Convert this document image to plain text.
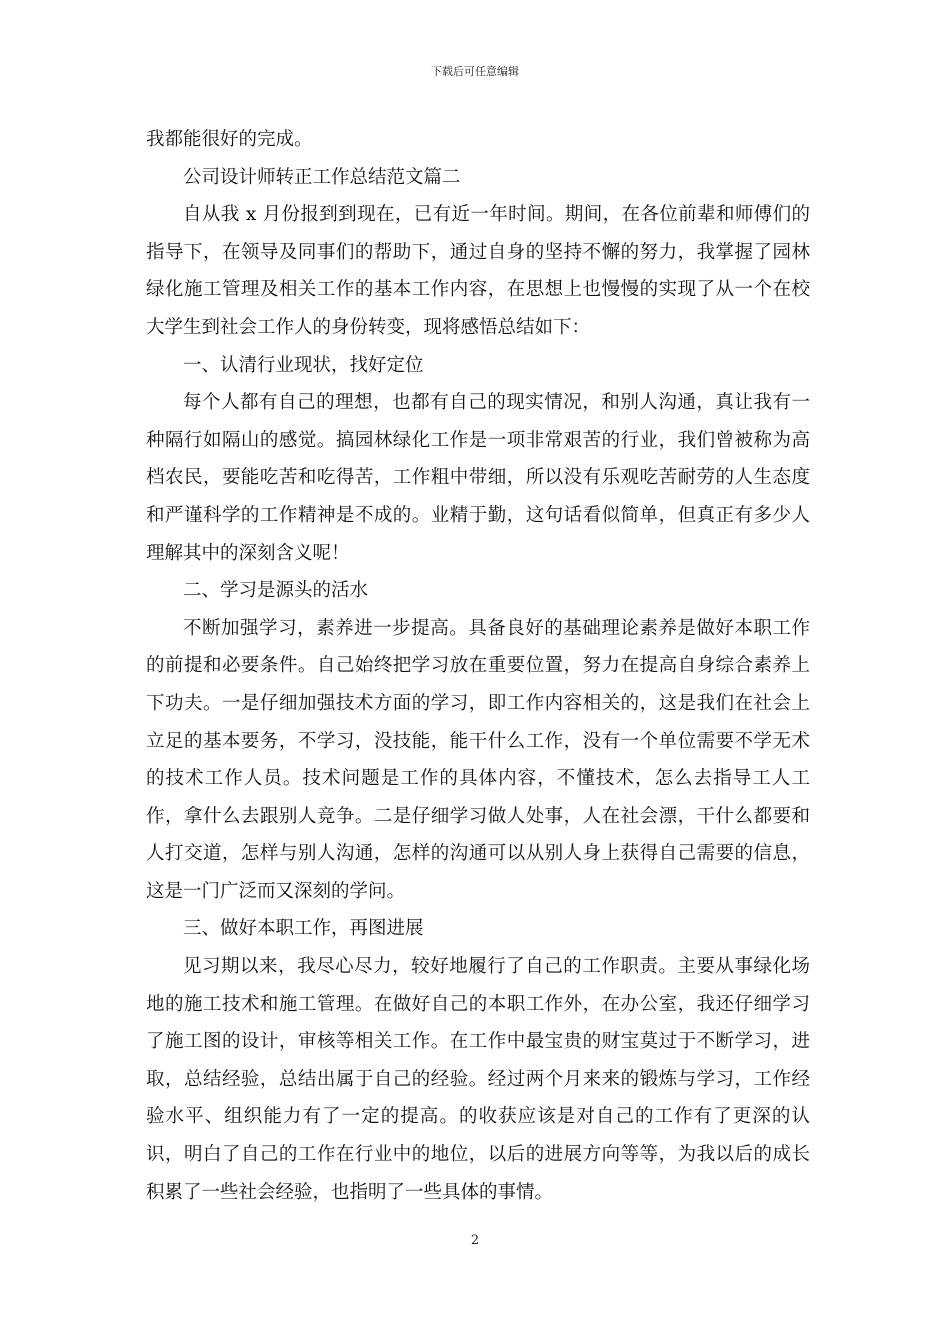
下载后可任意编辑

我都能很好的完成。

公司设计师转正工作总结范文篇二

自从我 x 月份报到到现在，已有近一年时间。期间，在各位前辈和师傅们的指导下，在领导及同事们的帮助下，通过自身的坚持不懈的努力，我掌握了园林绿化施工管理及相关工作的基本工作内容，在思想上也慢慢的实现了从一个在校大学生到社会工作人的身份转变，现将感悟总结如下：

一、认清行业现状，找好定位

每个人都有自己的理想，也都有自己的现实情况，和别人沟通，真让我有一种隔行如隔山的感觉。搞园林绿化工作是一项非常艰苦的行业，我们曾被称为高档农民，要能吃苦和吃得苦，工作粗中带细，所以没有乐观吃苦耐劳的人生态度和严谨科学的工作精神是不成的。业精于勤，这句话看似简单，但真正有多少人理解其中的深刻含义呢！

二、学习是源头的活水

不断加强学习，素养进一步提高。具备良好的基础理论素养是做好本职工作的前提和必要条件。自己始终把学习放在重要位置，努力在提高自身综合素养上下功夫。一是仔细加强技术方面的学习，即工作内容相关的，这是我们在社会上立足的基本要务，不学习，没技能，能干什么工作，没有一个单位需要不学无术的技术工作人员。技术问题是工作的具体内容，不懂技术，怎么去指导工人工作，拿什么去跟别人竞争。二是仔细学习做人处事，人在社会漂，干什么都要和人打交道，怎样与别人沟通，怎样的沟通可以从别人身上获得自己需要的信息，这是一门广泛而又深刻的学问。

三、做好本职工作，再图进展

见习期以来，我尽心尽力，较好地履行了自己的工作职责。主要从事绿化场地的施工技术和施工管理。在做好自己的本职工作外，在办公室，我还仔细学习了施工图的设计，审核等相关工作。在工作中最宝贵的财宝莫过于不断学习，进取，总结经验，总结出属于自己的经验。经过两个月来来的锻炼与学习，工作经验水平、组织能力有了一定的提高。的收获应该是对自己的工作有了更深的认识，明白了自己的工作在行业中的地位，以后的进展方向等等，为我以后的成长积累了一些社会经验，也指明了一些具体的事情。

2
